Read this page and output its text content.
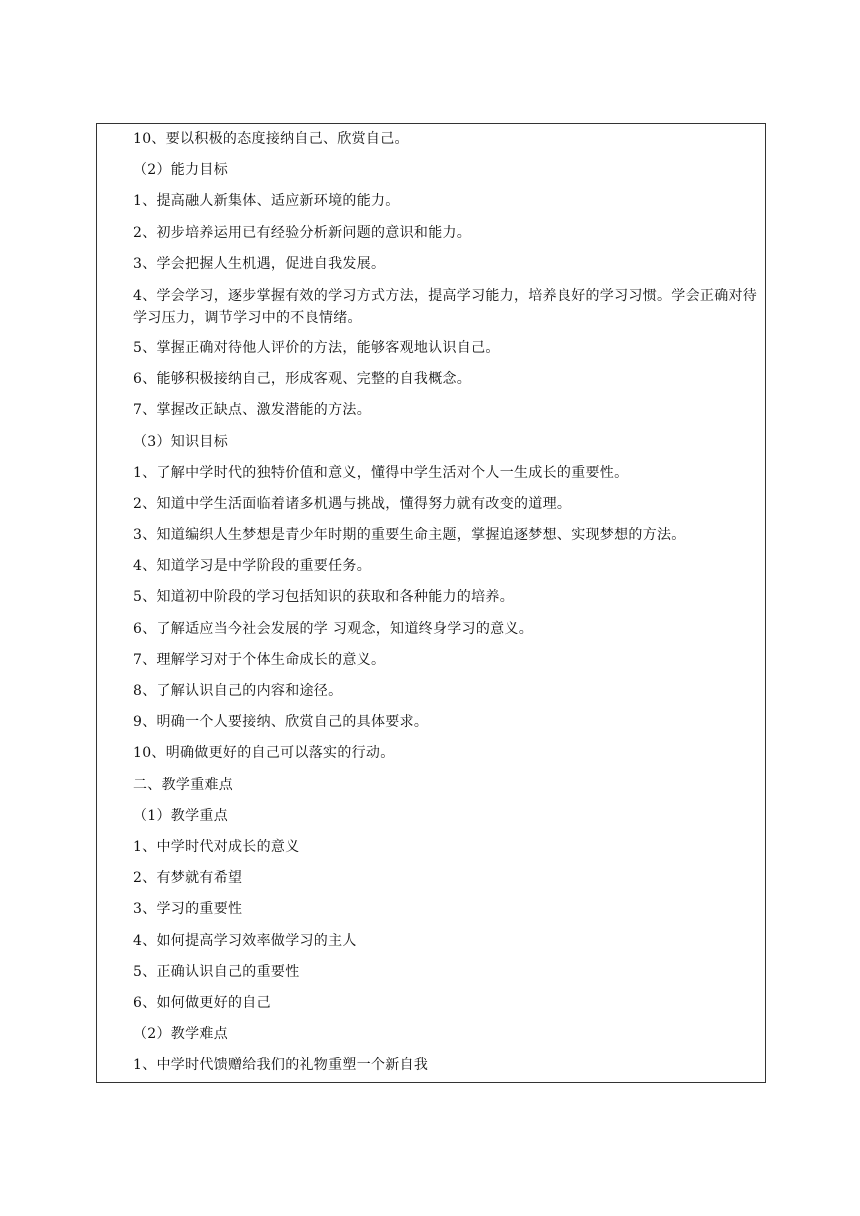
10、要以积极的态度接纳自己、欣赏自己。
（2）能力目标
1、提高融人新集体、适应新环境的能力。
2、初步培养运用已有经验分析新问题的意识和能力。
3、学会把握人生机遇，促进自我发展。
4、学会学习，逐步掌握有效的学习方式方法，提高学习能力，培养良好的学习习惯。学会正确对待学习压力，调节学习中的不良情绪。
5、掌握正确对待他人评价的方法，能够客观地认识自己。
6、能够积极接纳自己，形成客观、完整的自我概念。
7、掌握改正缺点、激发潜能的方法。
（3）知识目标
1、了解中学时代的独特价值和意义，懂得中学生活对个人一生成长的重要性。
2、知道中学生活面临着诸多机遇与挑战，懂得努力就有改变的道理。
3、知道编织人生梦想是青少年时期的重要生命主题，掌握追逐梦想、实现梦想的方法。
4、知道学习是中学阶段的重要任务。
5、知道初中阶段的学习包括知识的获取和各种能力的培养。
6、了解适应当今社会发展的学 习观念，知道终身学习的意义。
7、理解学习对于个体生命成长的意义。
8、了解认识自己的内容和途径。
9、明确一个人要接纳、欣赏自己的具体要求。
10、明确做更好的自己可以落实的行动。
二、教学重难点
（1）教学重点
1、中学时代对成长的意义
2、有梦就有希望
3、学习的重要性
4、如何提高学习效率做学习的主人
5、正确认识自己的重要性
6、如何做更好的自己
（2）教学难点
1、中学时代馈赠给我们的礼物重塑一个新自我
